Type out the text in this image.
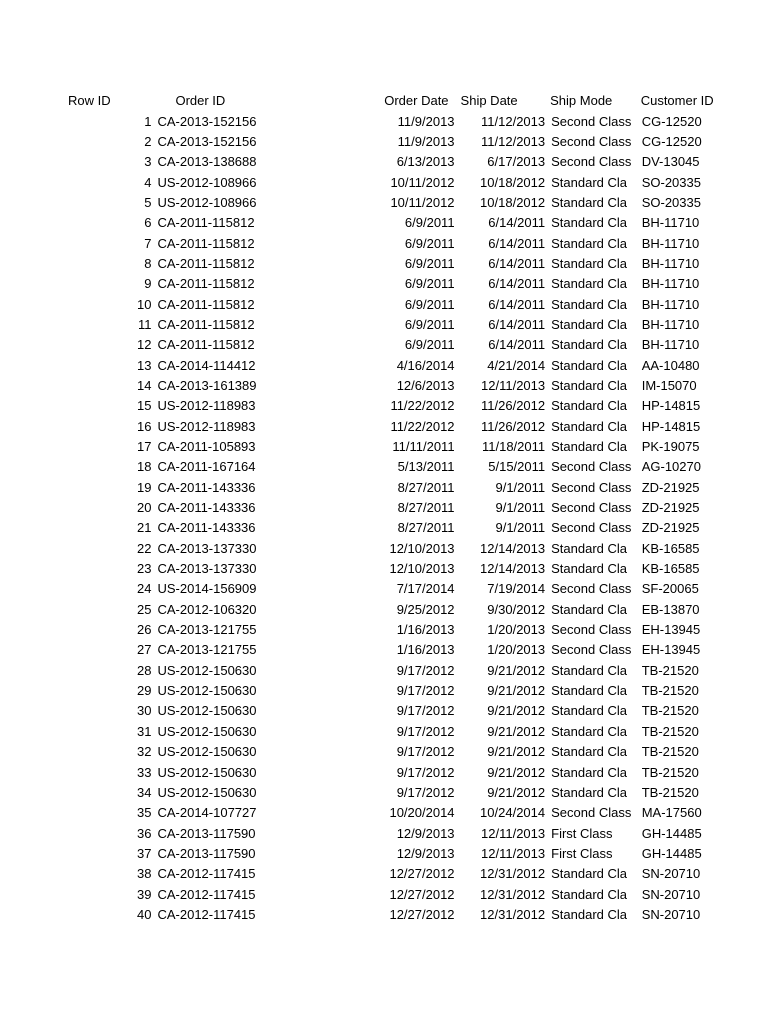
Row ID	Order ID	Order Date	Ship Date	Ship Mode	Customer ID
1	CA-2013-152156	11/9/2013	11/12/2013	Second Class	CG-12520
2	CA-2013-152156	11/9/2013	11/12/2013	Second Class	CG-12520
3	CA-2013-138688	6/13/2013	6/17/2013	Second Class	DV-13045
4	US-2012-108966	10/11/2012	10/18/2012	Standard Cla	SO-20335
5	US-2012-108966	10/11/2012	10/18/2012	Standard Cla	SO-20335
6	CA-2011-115812	6/9/2011	6/14/2011	Standard Cla	BH-11710
7	CA-2011-115812	6/9/2011	6/14/2011	Standard Cla	BH-11710
8	CA-2011-115812	6/9/2011	6/14/2011	Standard Cla	BH-11710
9	CA-2011-115812	6/9/2011	6/14/2011	Standard Cla	BH-11710
10	CA-2011-115812	6/9/2011	6/14/2011	Standard Cla	BH-11710
11	CA-2011-115812	6/9/2011	6/14/2011	Standard Cla	BH-11710
12	CA-2011-115812	6/9/2011	6/14/2011	Standard Cla	BH-11710
13	CA-2014-114412	4/16/2014	4/21/2014	Standard Cla	AA-10480
14	CA-2013-161389	12/6/2013	12/11/2013	Standard Cla	IM-15070
15	US-2012-118983	11/22/2012	11/26/2012	Standard Cla	HP-14815
16	US-2012-118983	11/22/2012	11/26/2012	Standard Cla	HP-14815
17	CA-2011-105893	11/11/2011	11/18/2011	Standard Cla	PK-19075
18	CA-2011-167164	5/13/2011	5/15/2011	Second Class	AG-10270
19	CA-2011-143336	8/27/2011	9/1/2011	Second Class	ZD-21925
20	CA-2011-143336	8/27/2011	9/1/2011	Second Class	ZD-21925
21	CA-2011-143336	8/27/2011	9/1/2011	Second Class	ZD-21925
22	CA-2013-137330	12/10/2013	12/14/2013	Standard Cla	KB-16585
23	CA-2013-137330	12/10/2013	12/14/2013	Standard Cla	KB-16585
24	US-2014-156909	7/17/2014	7/19/2014	Second Class	SF-20065
25	CA-2012-106320	9/25/2012	9/30/2012	Standard Cla	EB-13870
26	CA-2013-121755	1/16/2013	1/20/2013	Second Class	EH-13945
27	CA-2013-121755	1/16/2013	1/20/2013	Second Class	EH-13945
28	US-2012-150630	9/17/2012	9/21/2012	Standard Cla	TB-21520
29	US-2012-150630	9/17/2012	9/21/2012	Standard Cla	TB-21520
30	US-2012-150630	9/17/2012	9/21/2012	Standard Cla	TB-21520
31	US-2012-150630	9/17/2012	9/21/2012	Standard Cla	TB-21520
32	US-2012-150630	9/17/2012	9/21/2012	Standard Cla	TB-21520
33	US-2012-150630	9/17/2012	9/21/2012	Standard Cla	TB-21520
34	US-2012-150630	9/17/2012	9/21/2012	Standard Cla	TB-21520
35	CA-2014-107727	10/20/2014	10/24/2014	Second Class	MA-17560
36	CA-2013-117590	12/9/2013	12/11/2013	First Class	GH-14485
37	CA-2013-117590	12/9/2013	12/11/2013	First Class	GH-14485
38	CA-2012-117415	12/27/2012	12/31/2012	Standard Cla	SN-20710
39	CA-2012-117415	12/27/2012	12/31/2012	Standard Cla	SN-20710
40	CA-2012-117415	12/27/2012	12/31/2012	Standard Cla	SN-20710
